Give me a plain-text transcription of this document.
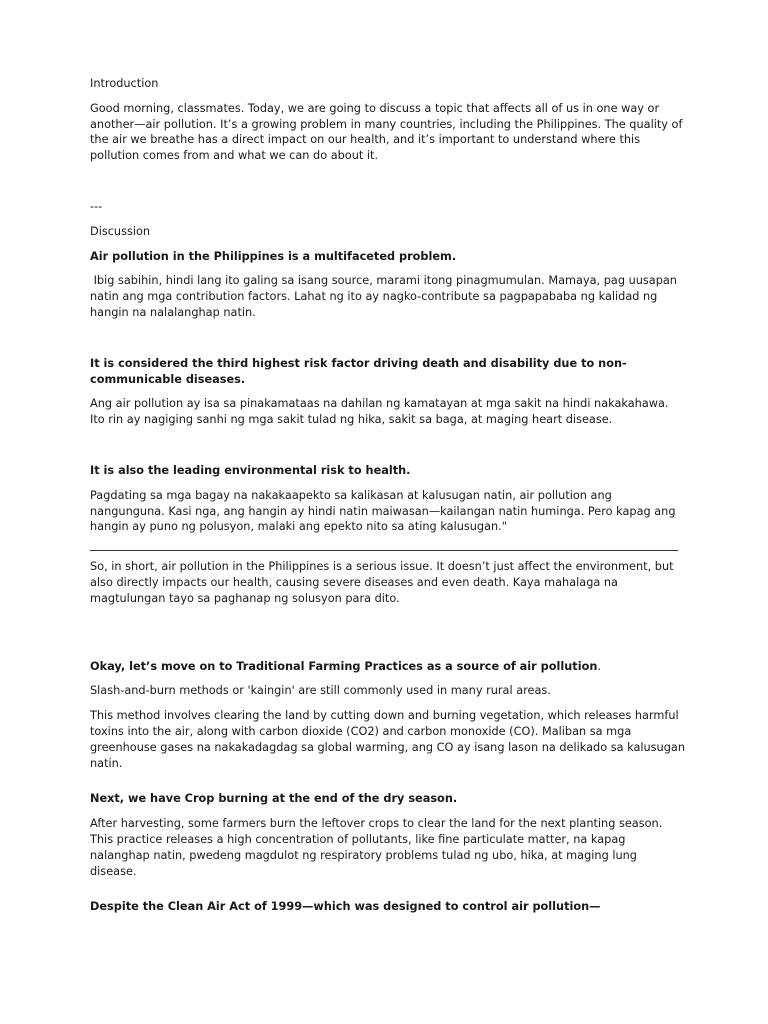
Introduction

Good morning, classmates. Today, we are going to discuss a topic that affects all of us in one way or another—air pollution. It’s a growing problem in many countries, including the Philippines. The quality of the air we breathe has a direct impact on our health, and it’s important to understand where this pollution comes from and what we can do about it.

---

Discussion

Air pollution in the Philippines is a multifaceted problem.

Ibig sabihin, hindi lang ito galing sa isang source, marami itong pinagmumulan. Mamaya, pag uusapan natin ang mga contribution factors. Lahat ng ito ay nagko-contribute sa pagpapababa ng kalidad ng hangin na nalalanghap natin.

It is considered the third highest risk factor driving death and disability due to non-communicable diseases.

Ang air pollution ay isa sa pinakamataas na dahilan ng kamatayan at mga sakit na hindi nakakahawa. Ito rin ay nagiging sanhi ng mga sakit tulad ng hika, sakit sa baga, at maging heart disease.

It is also the leading environmental risk to health.

Pagdating sa mga bagay na nakakaapekto sa kalikasan at kalusugan natin, air pollution ang nangunguna. Kasi nga, ang hangin ay hindi natin maiwasan—kailangan natin huminga. Pero kapag ang hangin ay puno ng polusyon, malaki ang epekto nito sa ating kalusugan."

So, in short, air pollution in the Philippines is a serious issue. It doesn’t just affect the environment, but also directly impacts our health, causing severe diseases and even death. Kaya mahalaga na magtulungan tayo sa paghanap ng solusyon para dito.

Okay, let’s move on to Traditional Farming Practices as a source of air pollution.

Slash-and-burn methods or 'kaingin' are still commonly used in many rural areas.

This method involves clearing the land by cutting down and burning vegetation, which releases harmful toxins into the air, along with carbon dioxide (CO2) and carbon monoxide (CO). Maliban sa mga greenhouse gases na nakakadagdag sa global warming, ang CO ay isang lason na delikado sa kalusugan natin.

Next, we have Crop burning at the end of the dry season.

After harvesting, some farmers burn the leftover crops to clear the land for the next planting season. This practice releases a high concentration of pollutants, like fine particulate matter, na kapag nalanghap natin, pwedeng magdulot ng respiratory problems tulad ng ubo, hika, at maging lung disease.

Despite the Clean Air Act of 1999—which was designed to control air pollution—
